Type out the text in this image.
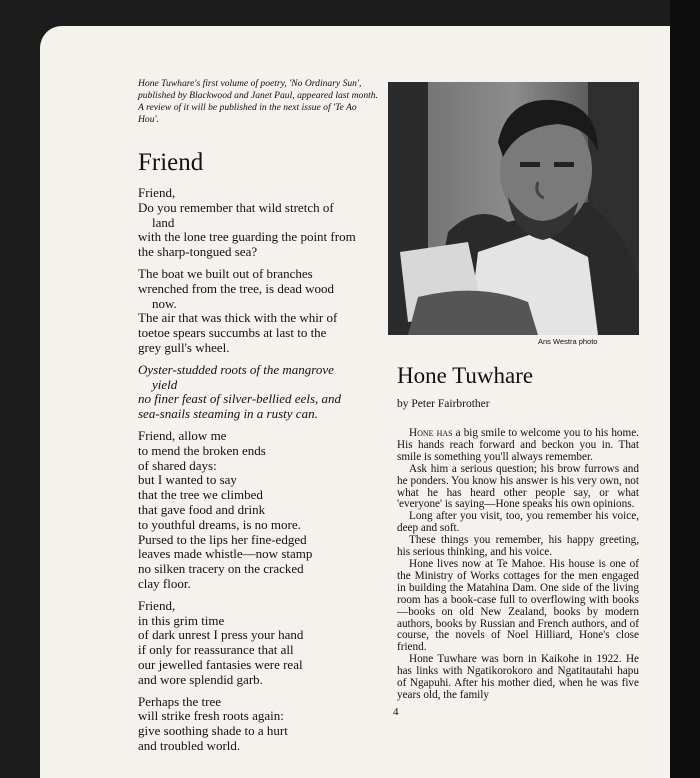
Hone Tuwhare's first volume of poetry, 'No Ordinary Sun', published by Blackwood and Janet Paul, appeared last month. A review of it will be published in the next issue of 'Te Ao Hou'.
Friend
Friend,
Do you remember that wild stretch of
land
with the lone tree guarding the point from
the sharp-tongued sea?
The boat we built out of branches
wrenched from the tree, is dead wood
now.
The air that was thick with the whir of
toetoe spears succumbs at last to the
grey gull's wheel.
Oyster-studded roots of the mangrove
yield
no finer feast of silver-bellied eels, and
sea-snails steaming in a rusty can.
Friend, allow me
to mend the broken ends
of shared days:
but I wanted to say
that the tree we climbed
that gave food and drink
to youthful dreams, is no more.
Pursed to the lips her fine-edged
leaves made whistle—now stamp
no silken tracery on the cracked
clay floor.
Friend,
in this grim time
of dark unrest I press your hand
if only for reassurance that all
our jewelled fantasies were real
and wore splendid garb.
Perhaps the tree
will strike fresh roots again:
give soothing shade to a hurt
and troubled world.
Ans Westra photo
Hone Tuwhare
by Peter Fairbrother

Hone has a big smile to welcome you to his home. His hands reach forward and beckon you in. That smile is something you'll always remember.

Ask him a serious question; his brow furrows and he ponders. You know his answer is his very own, not what he has heard other people say, or what 'everyone' is saying—Hone speaks his own opinions.

Long after you visit, too, you remember his voice, deep and soft.

These things you remember, his happy greeting, his serious thinking, and his voice.

Hone lives now at Te Mahoe. His house is one of the Ministry of Works cottages for the men engaged in building the Matahina Dam. One side of the living room has a book-case full to overflowing with books—books on old New Zealand, books by modern authors, books by Russian and French authors, and of course, the novels of Noel Hilliard, Hone's close friend.

Hone Tuwhare was born in Kaikohe in 1922. He has links with Ngatikorokoro and Ngatitautahi hapu of Ngapuhi. After his mother died, when he was five years old, the family

4
